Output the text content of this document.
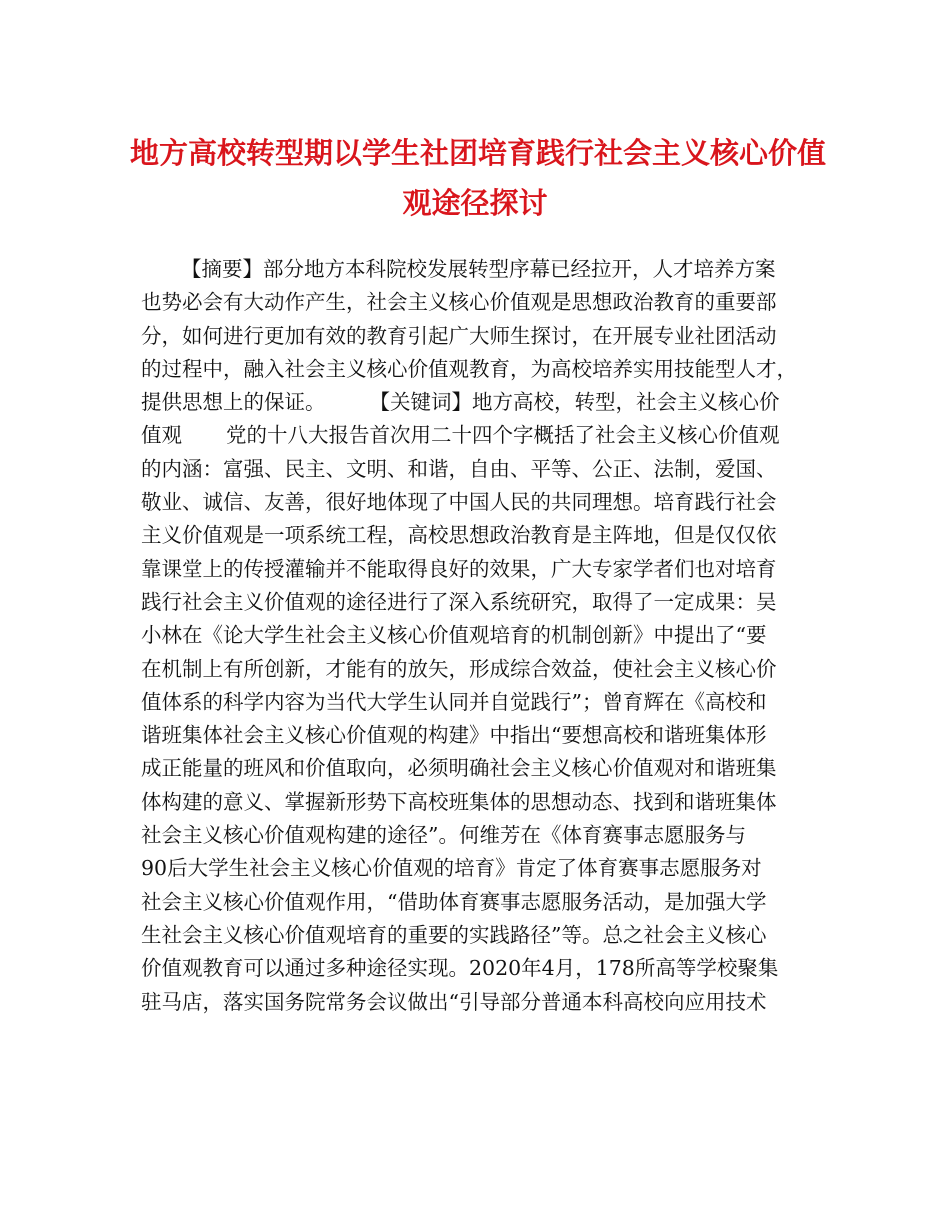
地方高校转型期以学生社团培育践行社会主义核心价值
观途径探讨
【摘要】部分地方本科院校发展转型序幕已经拉开，人才培养方案
也势必会有大动作产生，社会主义核心价值观是思想政治教育的重要部
分，如何进行更加有效的教育引起广大师生探讨，在开展专业社团活动
的过程中，融入社会主义核心价值观教育，为高校培养实用技能型人才，
提供思想上的保证。 【关键词】地方高校，转型，社会主义核心价
值观 党的十八大报告首次用二十四个字概括了社会主义核心价值观
的内涵：富强、民主、文明、和谐，自由、平等、公正、法制，爱国、
敬业、诚信、友善，很好地体现了中国人民的共同理想。培育践行社会
主义价值观是一项系统工程，高校思想政治教育是主阵地，但是仅仅依
靠课堂上的传授灌输并不能取得良好的效果，广大专家学者们也对培育
践行社会主义价值观的途径进行了深入系统研究，取得了一定成果：吴
小林在《论大学生社会主义核心价值观培育的机制创新》中提出了“要
在机制上有所创新，才能有的放矢，形成综合效益，使社会主义核心价
值体系的科学内容为当代大学生认同并自觉践行”；曾育辉在《高校和
谐班集体社会主义核心价值观的构建》中指出“要想高校和谐班集体形
成正能量的班风和价值取向，必须明确社会主义核心价值观对和谐班集
体构建的意义、掌握新形势下高校班集体的思想动态、找到和谐班集体
社会主义核心价值观构建的途径”。何维芳在《体育赛事志愿服务与
90后大学生社会主义核心价值观的培育》肯定了体育赛事志愿服务对
社会主义核心价值观作用，“借助体育赛事志愿服务活动，是加强大学
生社会主义核心价值观培育的重要的实践路径”等。总之社会主义核心
价值观教育可以通过多种途径实现。2020年4月，178所高等学校聚集
驻马店，落实国务院常务会议做出“引导部分普通本科高校向应用技术
